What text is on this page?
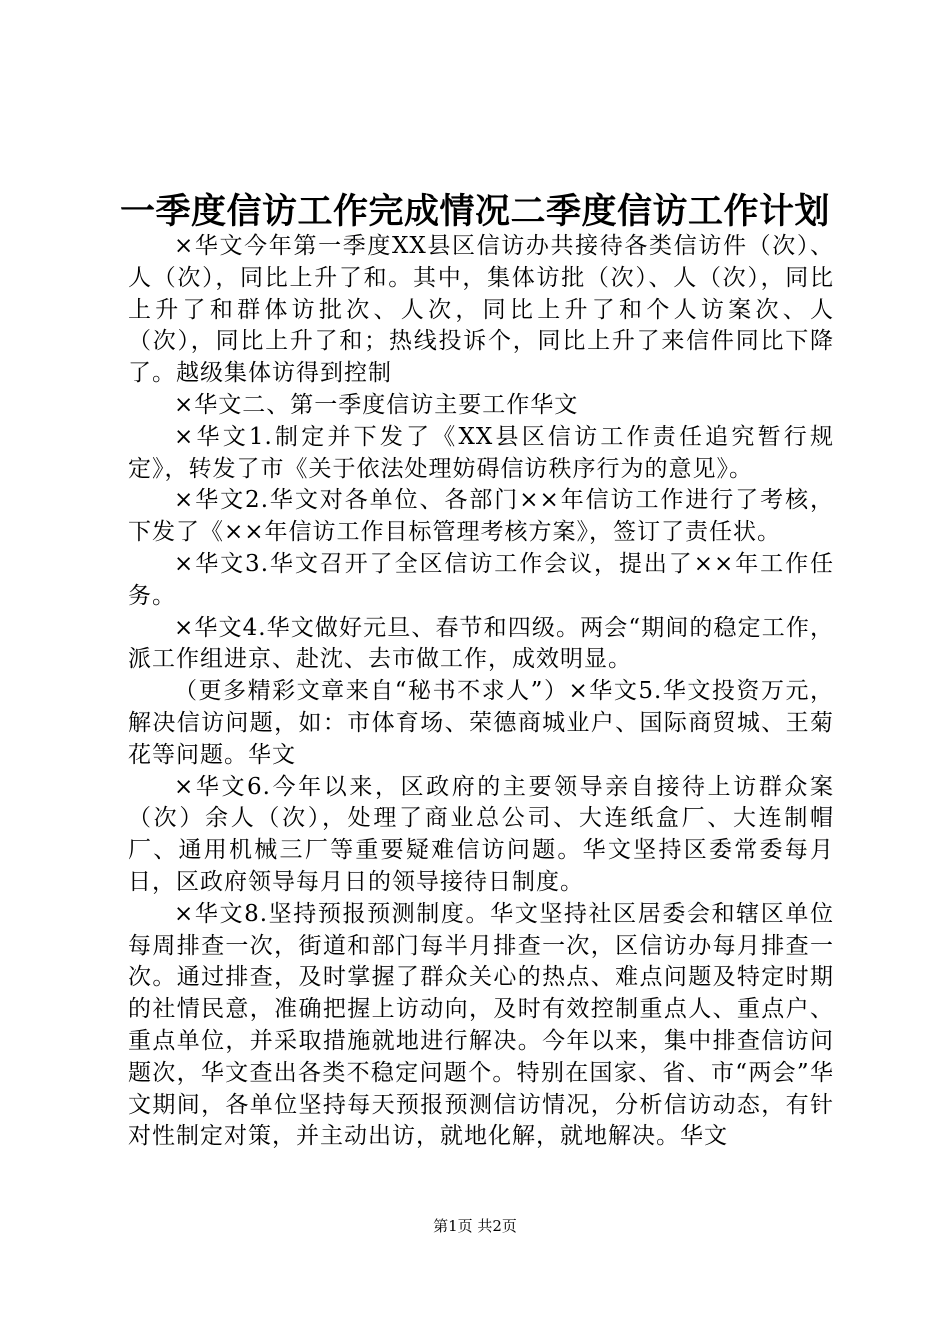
一季度信访工作完成情况二季度信访工作计划

×华文今年第一季度XX县区信访办共接待各类信访件（次）、人（次），同比上升了和。其中，集体访批（次）、人（次），同比上升了和群体访批次、人次，同比上升了和个人访案次、人（次），同比上升了和；热线投诉个，同比上升了来信件同比下降了。越级集体访得到控制

×华文二、第一季度信访主要工作华文

×华文1.制定并下发了《XX县区信访工作责任追究暂行规定》，转发了市《关于依法处理妨碍信访秩序行为的意见》。

×华文2.华文对各单位、各部门××年信访工作进行了考核，下发了《××年信访工作目标管理考核方案》，签订了责任状。

×华文3.华文召开了全区信访工作会议，提出了××年工作任务。

×华文4.华文做好元旦、春节和四级。两会“期间的稳定工作，派工作组进京、赴沈、去市做工作，成效明显。

（更多精彩文章来自“秘书不求人”）×华文5.华文投资万元，解决信访问题，如：市体育场、荣德商城业户、国际商贸城、王菊花等问题。华文

×华文6.今年以来，区政府的主要领导亲自接待上访群众案（次）余人（次），处理了商业总公司、大连纸盒厂、大连制帽厂、通用机械三厂等重要疑难信访问题。华文坚持区委常委每月日，区政府领导每月日的领导接待日制度。

×华文8.坚持预报预测制度。华文坚持社区居委会和辖区单位每周排查一次，街道和部门每半月排查一次，区信访办每月排查一次。通过排查，及时掌握了群众关心的热点、难点问题及特定时期的社情民意，准确把握上访动向，及时有效控制重点人、重点户、重点单位，并采取措施就地进行解决。今年以来，集中排查信访问题次，华文查出各类不稳定问题个。特别在国家、省、市“两会”华文期间，各单位坚持每天预报预测信访情况，分析信访动态，有针对性制定对策，并主动出访，就地化解，就地解决。华文

第1页 共2页
